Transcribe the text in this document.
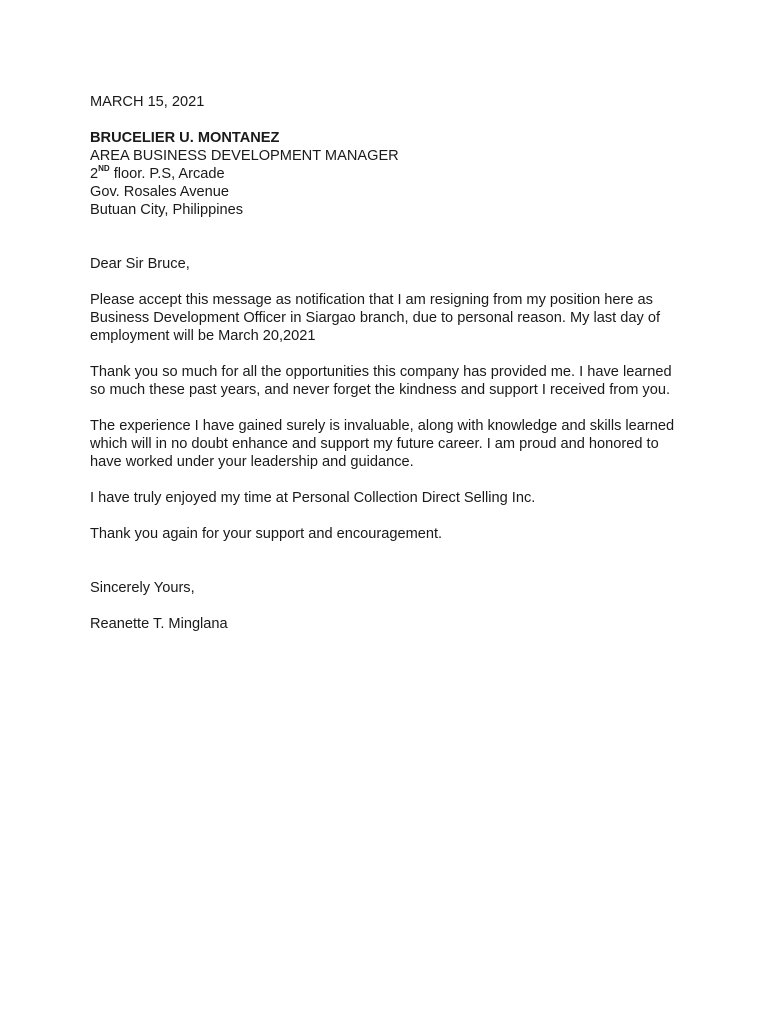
MARCH 15, 2021
BRUCELIER U. MONTANEZ
AREA BUSINESS DEVELOPMENT MANAGER
2ND floor. P.S, Arcade
Gov. Rosales Avenue
Butuan City, Philippines
Dear Sir Bruce,

Please accept this message as notification that I am resigning from my position here as Business Development Officer in Siargao branch, due to personal reason. My last day of employment will be March 20,2021

Thank you so much for all the opportunities this company has provided me. I have learned so much these past years, and never forget the kindness and support I received from you.

The experience I have gained surely is invaluable, along with knowledge and skills learned which will in no doubt enhance and support my future career. I am proud and honored to have worked under your leadership and guidance.

I have truly enjoyed my time at Personal Collection Direct Selling Inc.

Thank you again for your support and encouragement.

Sincerely Yours,
Reanette T. Minglana
